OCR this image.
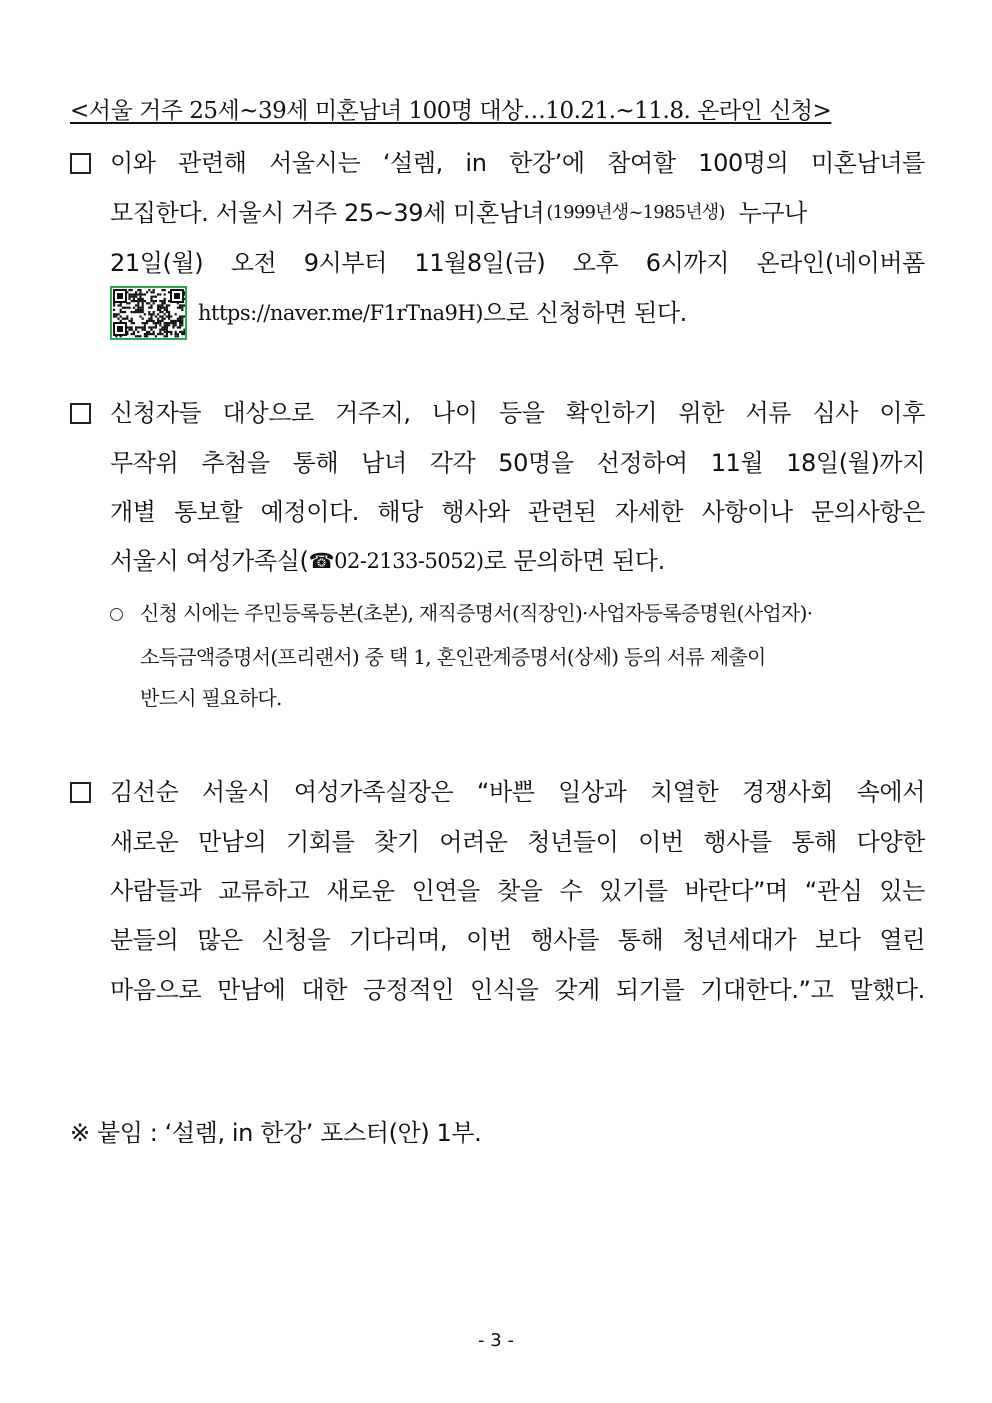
<서울 거주 25세~39세 미혼남녀 100명 대상…10.21.~11.8. 온라인 신청>
이와 관련해 서울시는 ‘설렘, in 한강’에 참여할 100명의 미혼남녀를
모집한다. 서울시 거주 25~39세 미혼남녀 (1999년생~1985년생) 누구나
21일(월) 오전 9시부터 11월8일(금) 오후 6시까지 온라인(네이버폼
https://naver.me/F1rTna9H) 으로 신청하면 된다.
신청자들 대상으로 거주지, 나이 등을 확인하기 위한 서류 심사 이후
무작위 추첨을 통해 남녀 각각 50명을 선정하여 11월 18일(월)까지
개별 통보할 예정이다. 해당 행사와 관련된 자세한 사항이나 문의사항은
서울시 여성가족실( ☎02-2133-5052) 로 문의하면 된다.
신청 시에는 주민등록등본(초본), 재직증명서(직장인)·사업자등록증명원(사업자)·
소득금액증명서(프리랜서) 중 택 1, 혼인관계증명서(상세) 등의 서류 제출이
반드시 필요하다.
김선순 서울시 여성가족실장은 “바쁜 일상과 치열한 경쟁사회 속에서
새로운 만남의 기회를 찾기 어려운 청년들이 이번 행사를 통해 다양한
사람들과 교류하고 새로운 인연을 찾을 수 있기를 바란다”며 “관심 있는
분들의 많은 신청을 기다리며, 이번 행사를 통해 청년세대가 보다 열린
마음으로 만남에 대한 긍정적인 인식을 갖게 되기를 기대한다.”고 말했다.
※ 붙임 : ‘설렘, in 한강’ 포스터(안) 1부.
- 3 -
